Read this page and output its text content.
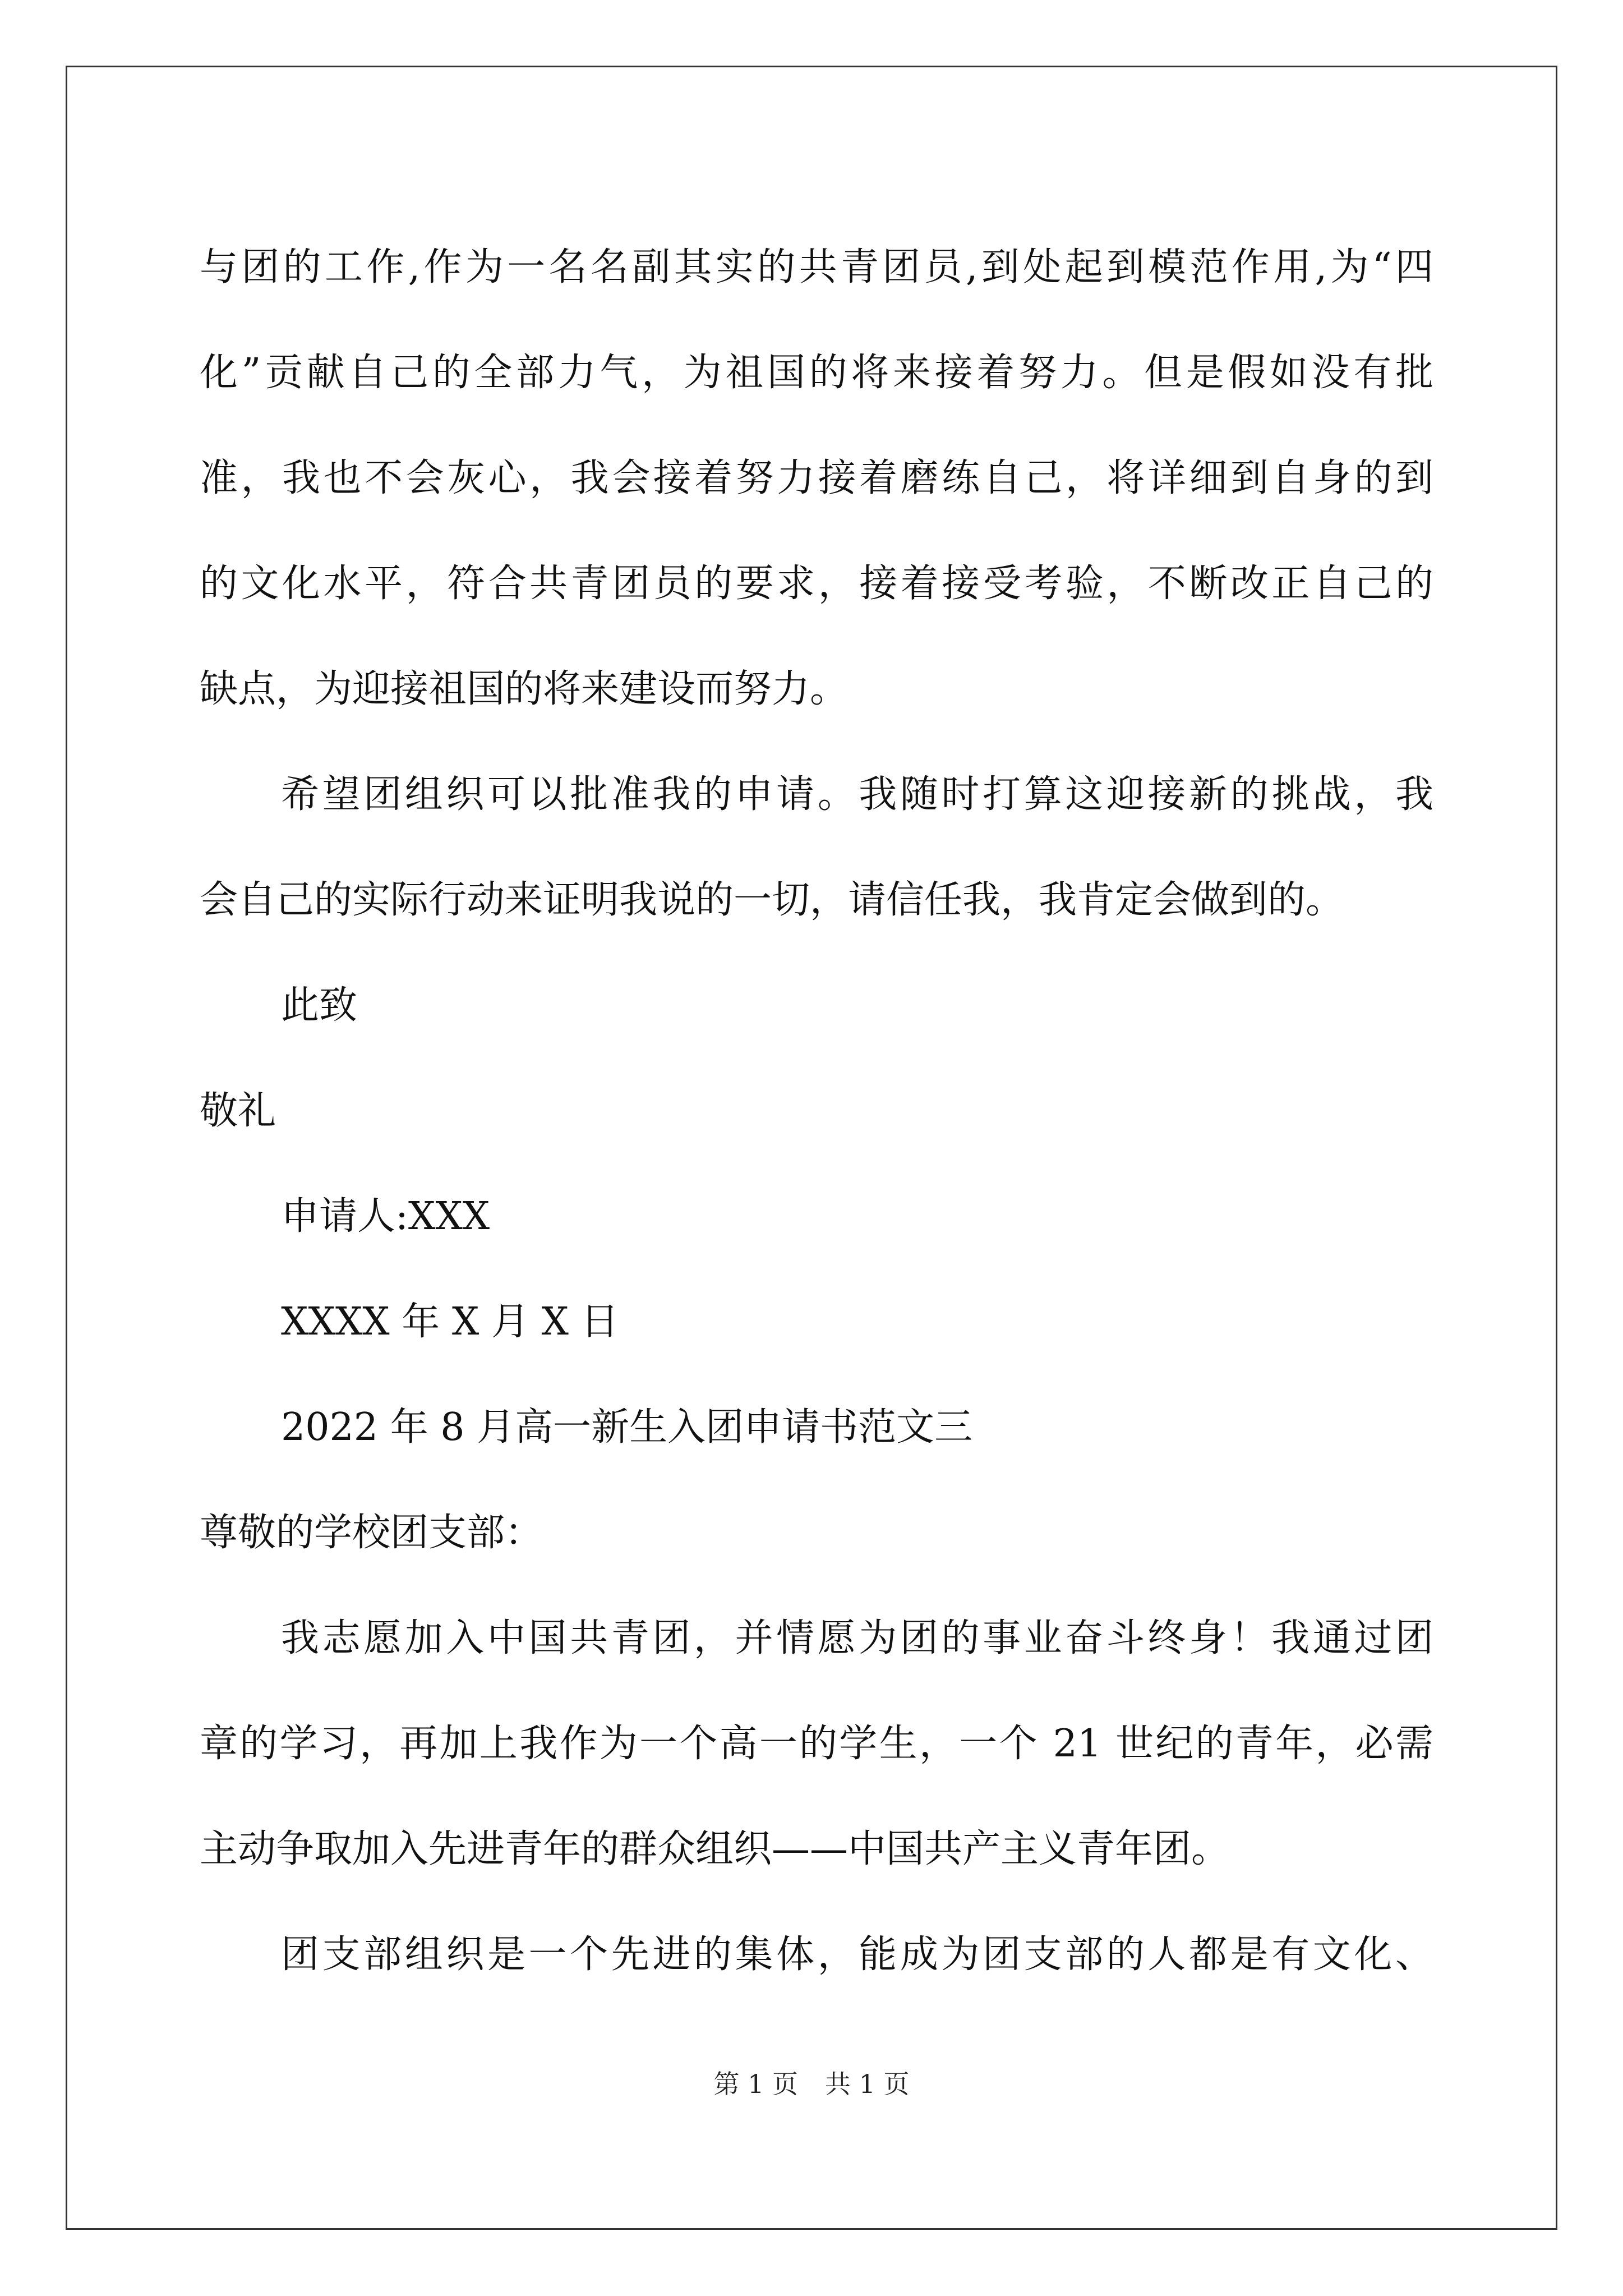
与团的工作,作为一名名副其实的共青团员,到处起到模范作用,为“四
化”贡献自己的全部力气，为祖国的将来接着努力。但是假如没有批
准，我也不会灰心，我会接着努力接着磨练自己，将详细到自身的到
的文化水平，符合共青团员的要求，接着接受考验，不断改正自己的
缺点，为迎接祖国的将来建设而努力。
希望团组织可以批准我的申请。我随时打算这迎接新的挑战，我
会自己的实际行动来证明我说的一切，请信任我，我肯定会做到的。
此致
敬礼
申请人:XXX
XXXX 年 X 月 X 日
2022 年 8 月高一新生入团申请书范文三
尊敬的学校团支部：
我志愿加入中国共青团，并情愿为团的事业奋斗终身！我通过团
章的学习，再加上我作为一个高一的学生，一个 21 世纪的青年，必需
主动争取加入先进青年的群众组织——中国共产主义青年团。
团支部组织是一个先进的集体，能成为团支部的人都是有文化、
第 1 页 共 1 页
